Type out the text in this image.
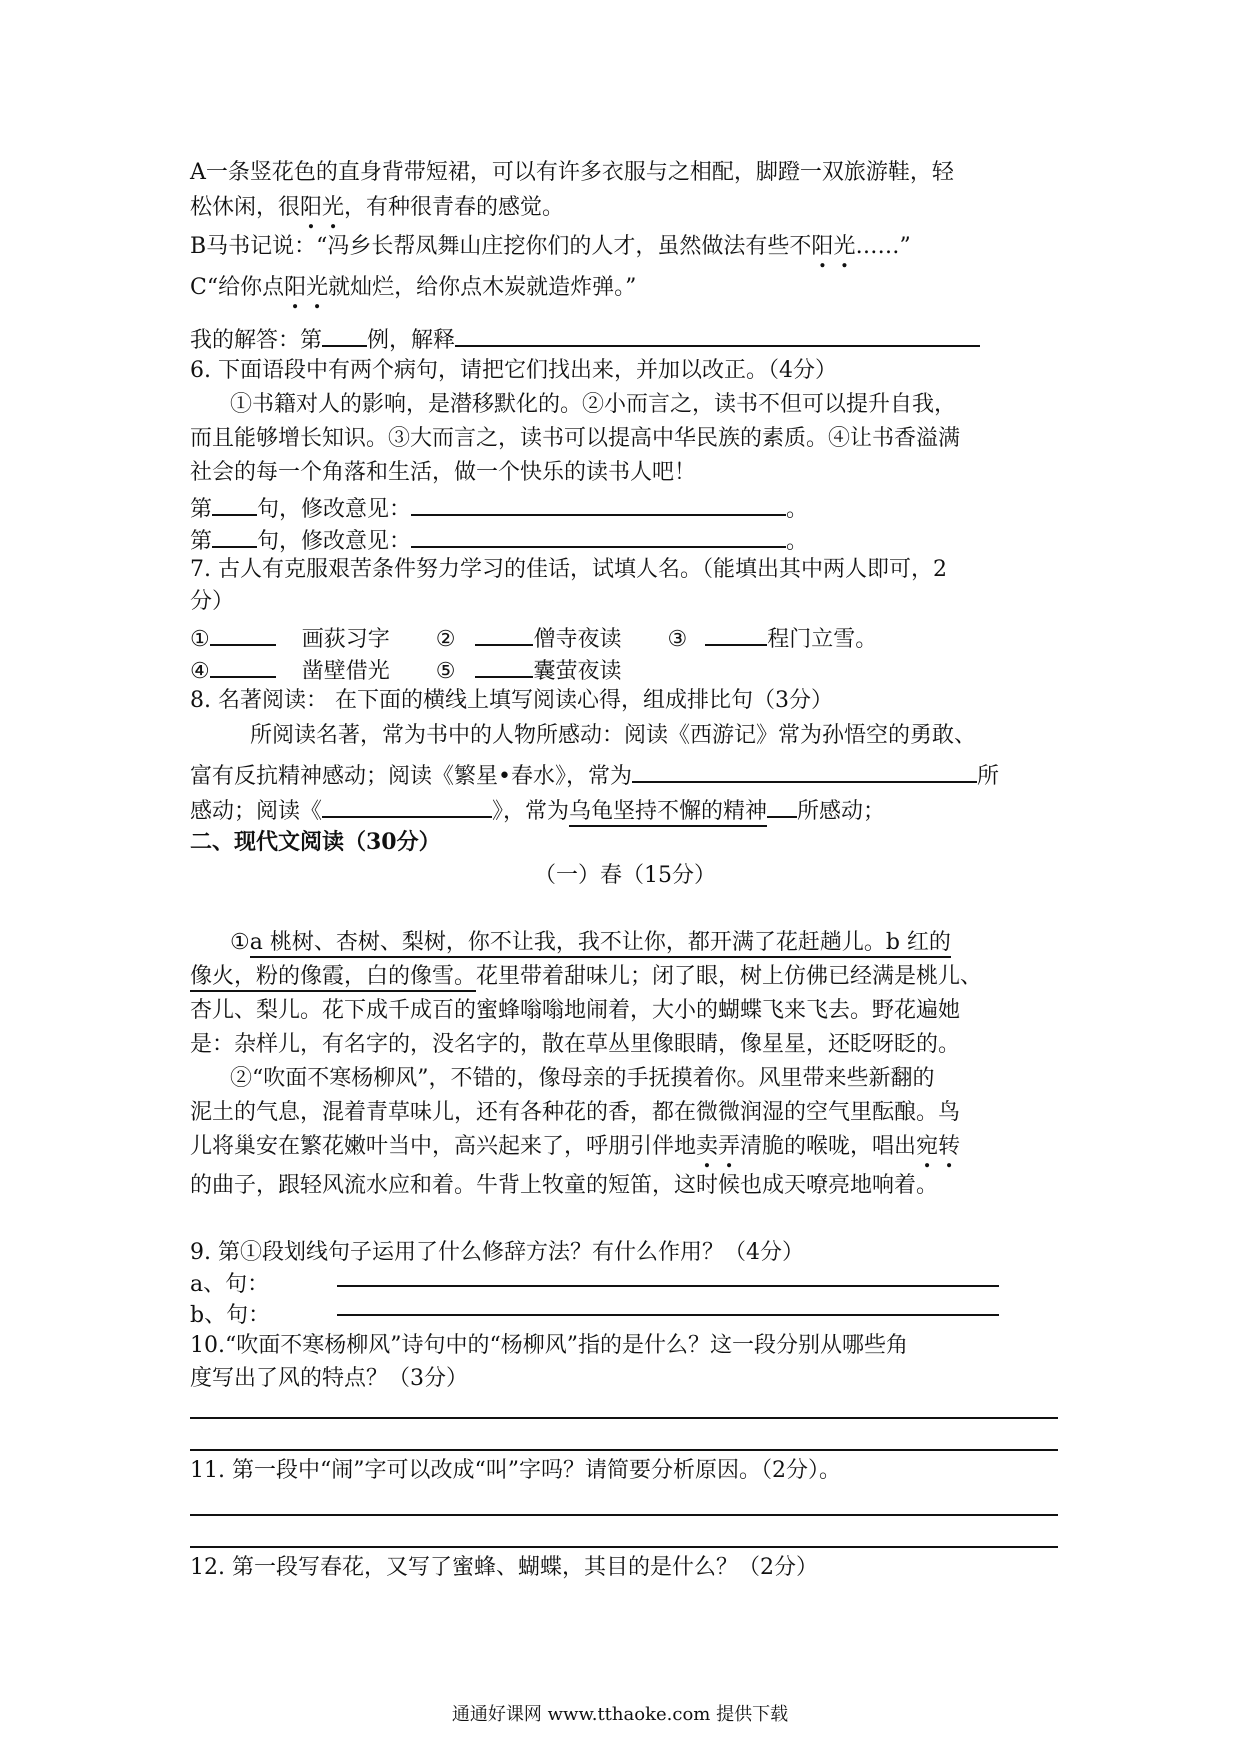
A一条竖花色的直身背带短裙，可以有许多衣服与之相配，脚蹬一双旅游鞋，轻
松休闲，很阳光，有种很青春的感觉。
B马书记说：“冯乡长帮凤舞山庄挖你们的人才，虽然做法有些不阳光……”
C“给你点阳光就灿烂，给你点木炭就造炸弹。”
我的解答：第 例，解释
6. 下面语段中有两个病句，请把它们找出来，并加以改正。（4分）
①书籍对人的影响，是潜移默化的。②小而言之，读书不但可以提升自我，
而且能够增长知识。③大而言之，读书可以提高中华民族的素质。④让书香溢满
社会的每一个角落和生活，做一个快乐的读书人吧！
第 句，修改意见：	。
第 句，修改意见：	。
7. 古人有克服艰苦条件努力学习的佳话，试填人名。（能填出其中两人即可，2
分）
①	画荻习字 ②	僧寺夜读 ③	程门立雪。
④	凿壁借光 ⑤	囊萤夜读
8. 名著阅读： 在下面的横线上填写阅读心得，组成排比句（3分）
所阅读名著，常为书中的人物所感动：阅读《西游记》常为孙悟空的勇敢、
富有反抗精神感动；阅读《繁星•春水》，常为	所
感动；阅读《	》，常为乌龟坚持不懈的精神 所感动；
二、现代文阅读（30分）
（一）春（15分）
①a 桃树、杏树、梨树，你不让我，我不让你，都开满了花赶趟儿。b 红的
像火，粉的像霞，白的像雪。花里带着甜味儿；闭了眼，树上仿佛已经满是桃儿、
杏儿、梨儿。花下成千成百的蜜蜂嗡嗡地闹着，大小的蝴蝶飞来飞去。野花遍她
是：杂样儿，有名字的，没名字的，散在草丛里像眼睛，像星星，还眨呀眨的。
②“吹面不寒杨柳风”，不错的，像母亲的手抚摸着你。风里带来些新翻的
泥土的气息，混着青草味儿，还有各种花的香，都在微微润湿的空气里酝酿。鸟
儿将巢安在繁花嫩叶当中，高兴起来了，呼朋引伴地卖弄清脆的喉咙，唱出宛转
的曲子，跟轻风流水应和着。牛背上牧童的短笛，这时候也成天嘹亮地响着。
9. 第①段划线句子运用了什么修辞方法？有什么作用？（4分）
a、句：
b、句：
10.“吹面不寒杨柳风”诗句中的“杨柳风”指的是什么？这一段分别从哪些角
度写出了风的特点？（3分）
11. 第一段中“闹”字可以改成“叫”字吗？请简要分析原因。（2分）。
12. 第一段写春花，又写了蜜蜂、蝴蝶，其目的是什么？（2分）
通通好课网 www.tthaoke.com 提供下载
